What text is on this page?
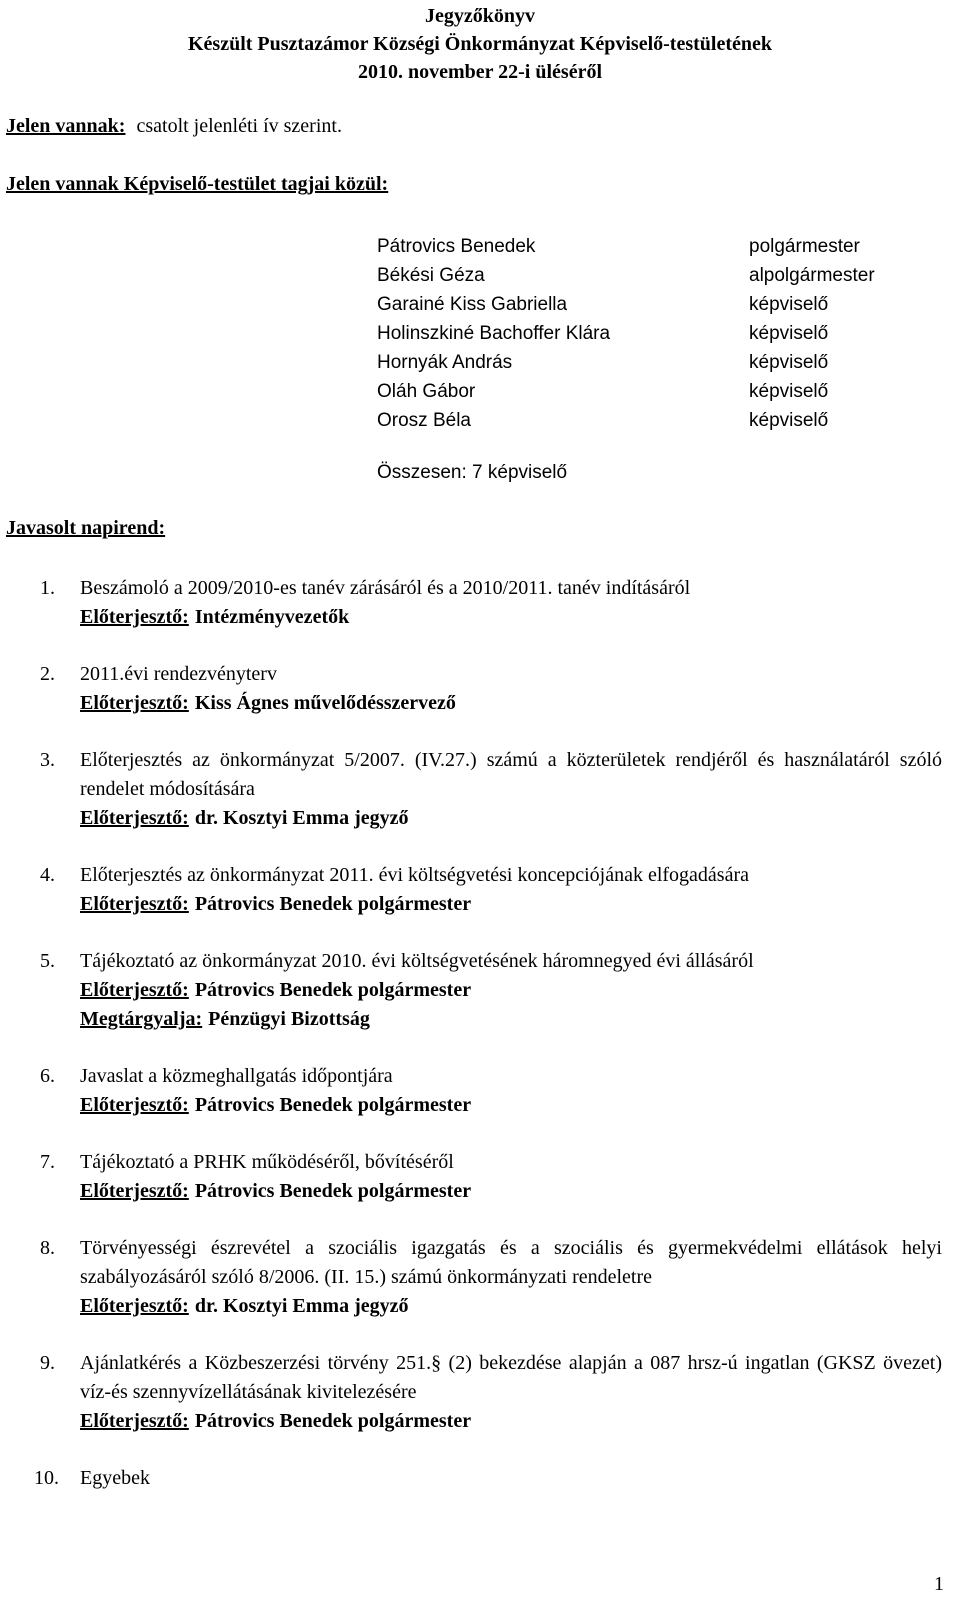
Jegyzőkönyv
Készült Pusztazámor Községi Önkormányzat Képviselő-testületének
2010. november 22-i üléséről
Jelen vannak: csatolt jelenléti ív szerint.
Jelen vannak Képviselő-testület tagjai közül:
Pátrovics Benedek	polgármester
Békési Géza	alpolgármester
Garainé Kiss Gabriella	képviselő
Holinszkiné Bachoffer Klára	képviselő
Hornyák András	képviselő
Oláh Gábor	képviselő
Orosz Béla	képviselő
Összesen: 7 képviselő
Javasolt napirend:
1. Beszámoló a 2009/2010-es tanév zárásáról és a 2010/2011. tanév indításáról
Előterjesztő: Intézményvezetők
2. 2011.évi rendezvényterv
Előterjesztő: Kiss Ágnes művelődésszervező
3. Előterjesztés az önkormányzat 5/2007. (IV.27.) számú a közterületek rendjéről és használatáról szóló rendelet módosítására
Előterjesztő: dr. Kosztyi Emma jegyző
4. Előterjesztés az önkormányzat 2011. évi költségvetési koncepciójának elfogadására
Előterjesztő: Pátrovics Benedek polgármester
5. Tájékoztató az önkormányzat 2010. évi költségvetésének háromnegyed évi állásáról
Előterjesztő: Pátrovics Benedek polgármester
Megtárgyalja: Pénzügyi Bizottság
6. Javaslat a közmeghallgatás időpontjára
Előterjesztő: Pátrovics Benedek polgármester
7. Tájékoztató a PRHK működéséről, bővítéséről
Előterjesztő: Pátrovics Benedek polgármester
8. Törvényességi észrevétel a szociális igazgatás és a szociális és gyermekvédelmi ellátások helyi szabályozásáról szóló 8/2006. (II. 15.) számú önkormányzati rendeletre
Előterjesztő: dr. Kosztyi Emma jegyző
9. Ajánlatkérés a Közbeszerzési törvény 251.§ (2) bekezdése alapján a 087 hrsz-ú ingatlan (GKSZ övezet) víz-és szennyvízellátásának kivitelezésére
Előterjesztő: Pátrovics Benedek polgármester
10. Egyebek
1
